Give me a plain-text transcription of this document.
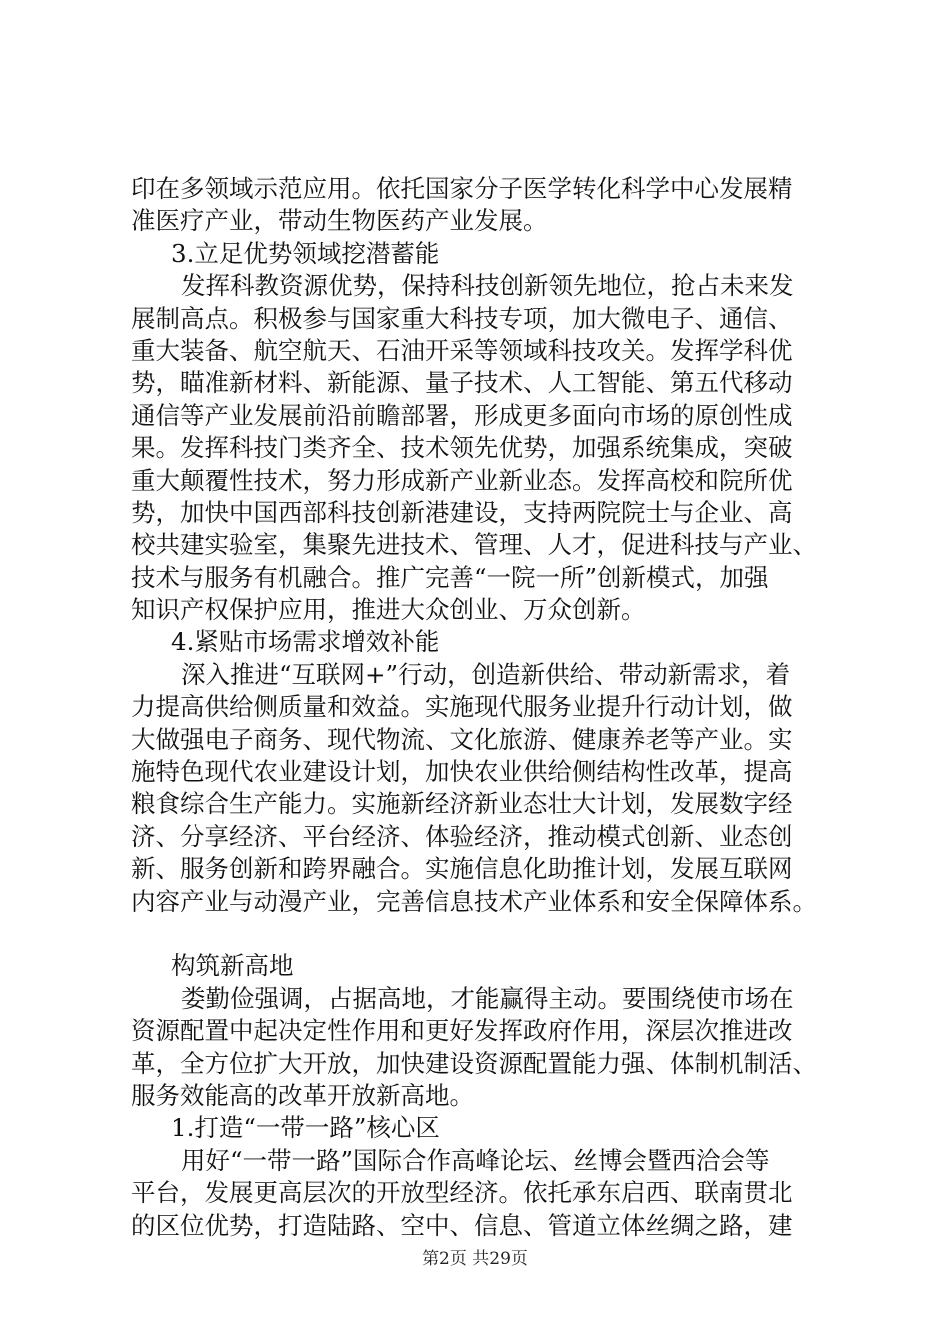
印在多领域示范应用。依托国家分子医学转化科学中心发展精
准医疗产业，带动生物医药产业发展。
3.立足优势领域挖潜蓄能
发挥科教资源优势，保持科技创新领先地位，抢占未来发
展制高点。积极参与国家重大科技专项，加大微电子、通信、
重大装备、航空航天、石油开采等领域科技攻关。发挥学科优
势，瞄准新材料、新能源、量子技术、人工智能、第五代移动
通信等产业发展前沿前瞻部署，形成更多面向市场的原创性成
果。发挥科技门类齐全、技术领先优势，加强系统集成，突破
重大颠覆性技术，努力形成新产业新业态。发挥高校和院所优
势，加快中国西部科技创新港建设，支持两院院士与企业、高
校共建实验室，集聚先进技术、管理、人才，促进科技与产业、
技术与服务有机融合。推广完善“一院一所”创新模式，加强
知识产权保护应用，推进大众创业、万众创新。
4.紧贴市场需求增效补能
深入推进“互联网+”行动，创造新供给、带动新需求，着
力提高供给侧质量和效益。实施现代服务业提升行动计划，做
大做强电子商务、现代物流、文化旅游、健康养老等产业。实
施特色现代农业建设计划，加快农业供给侧结构性改革，提高
粮食综合生产能力。实施新经济新业态壮大计划，发展数字经
济、分享经济、平台经济、体验经济，推动模式创新、业态创
新、服务创新和跨界融合。实施信息化助推计划，发展互联网
内容产业与动漫产业，完善信息技术产业体系和安全保障体系。
构筑新高地
娄勤俭强调，占据高地，才能赢得主动。要围绕使市场在
资源配置中起决定性作用和更好发挥政府作用，深层次推进改
革，全方位扩大开放，加快建设资源配置能力强、体制机制活、
服务效能高的改革开放新高地。
1.打造“一带一路”核心区
用好“一带一路”国际合作高峰论坛、丝博会暨西洽会等
平台，发展更高层次的开放型经济。依托承东启西、联南贯北
的区位优势，打造陆路、空中、信息、管道立体丝绸之路，建
第2页 共29页
